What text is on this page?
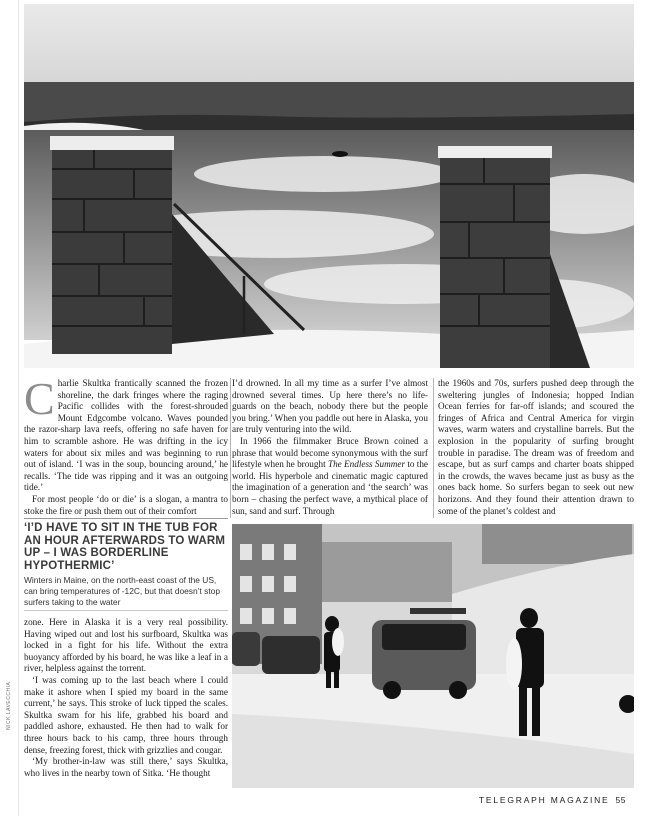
Charlie Skultka frantically scanned the frozen shoreline, the dark fringes where the raging Pacific collides with the forest-shrouded Mount Edgcombe volcano. Waves pounded the razor-sharp lava reefs, offering no safe haven for him to scramble ashore. He was drifting in the icy waters for about six miles and was beginning to run out of island. ‘I was in the soup, bouncing around,’ he recalls. ‘The tide was ripping and it was an outgoing tide.’

For most people ‘do or die’ is a slogan, a mantra to stoke the fire or push them out of their comfort

‘I’D HAVE TO SIT IN THE TUB FOR AN HOUR AFTERWARDS TO WARM UP – I WAS BORDERLINE HYPOTHERMIC’
Winters in Maine, on the north-east coast of the US, can bring temperatures of -12C, but that doesn’t stop surfers taking to the water

zone. Here in Alaska it is a very real possibility. Having wiped out and lost his surfboard, Skultka was locked in a fight for his life. Without the extra buoyancy afforded by his board, he was like a leaf in a river, helpless against the torrent.

‘I was coming up to the last beach where I could make it ashore when I spied my board in the same current,’ he says. This stroke of luck tipped the scales. Skultka swam for his life, grabbed his board and paddled ashore, exhausted. He then had to walk for three hours back to his camp, three hours through dense, freezing forest, thick with grizzlies and cougar.

‘My brother-in-law was still there,’ says Skultka, who lives in the nearby town of Sitka. ‘He thought

I’d drowned. In all my time as a surfer I’ve almost drowned several times. Up here there’s no life-guards on the beach, nobody there but the people you bring.’ When you paddle out here in Alaska, you are truly venturing into the wild.

In 1966 the filmmaker Bruce Brown coined a phrase that would become synonymous with the surf lifestyle when he brought The Endless Summer to the world. His hyperbole and cinematic magic captured the imagination of a generation and ‘the search’ was born – chasing the perfect wave, a mythical place of sun, sand and surf. Through

the 1960s and 70s, surfers pushed deep through the sweltering jungles of Indonesia; hopped Indian Ocean ferries for far-off islands; and scoured the fringes of Africa and Central America for virgin waves, warm waters and crystalline barrels. But the explosion in the popularity of surfing brought trouble in paradise. The dream was of freedom and escape, but as surf camps and charter boats shipped in the crowds, the waves became just as busy as the ones back home. So surfers began to seek out new horizons. And they found their attention drawn to some of the planet’s coldest and

NICK LAVECCHIA
TELEGRAPH MAGAZINE 55
